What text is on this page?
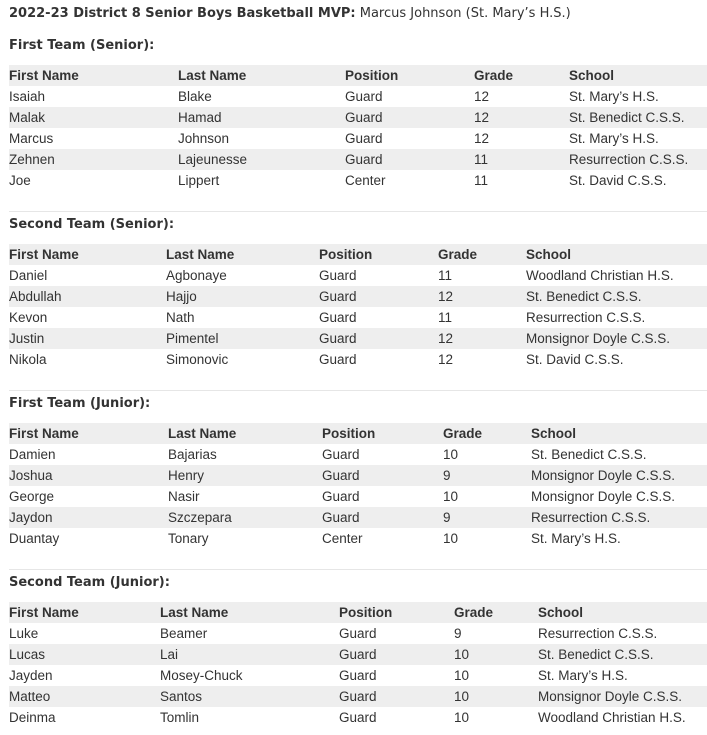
2022-23 District 8 Senior Boys Basketball MVP: Marcus Johnson (St. Mary’s H.S.)
First Team (Senior):
First Name	Last Name	Position	Grade	School
Isaiah	Blake	Guard	12	St. Mary’s H.S.
Malak	Hamad	Guard	12	St. Benedict C.S.S.
Marcus	Johnson	Guard	12	St. Mary’s H.S.
Zehnen	Lajeunesse	Guard	11	Resurrection C.S.S.
Joe	Lippert	Center	11	St. David C.S.S.
Second Team (Senior):
First Name	Last Name	Position	Grade	School
Daniel	Agbonaye	Guard	11	Woodland Christian H.S.
Abdullah	Hajjo	Guard	12	St. Benedict C.S.S.
Kevon	Nath	Guard	11	Resurrection C.S.S.
Justin	Pimentel	Guard	12	Monsignor Doyle C.S.S.
Nikola	Simonovic	Guard	12	St. David C.S.S.
First Team (Junior):
First Name	Last Name	Position	Grade	School
Damien	Bajarias	Guard	10	St. Benedict C.S.S.
Joshua	Henry	Guard	9	Monsignor Doyle C.S.S.
George	Nasir	Guard	10	Monsignor Doyle C.S.S.
Jaydon	Szczepara	Guard	9	Resurrection C.S.S.
Duantay	Tonary	Center	10	St. Mary’s H.S.
Second Team (Junior):
First Name	Last Name	Position	Grade	School
Luke	Beamer	Guard	9	Resurrection C.S.S.
Lucas	Lai	Guard	10	St. Benedict C.S.S.
Jayden	Mosey-Chuck	Guard	10	St. Mary’s H.S.
Matteo	Santos	Guard	10	Monsignor Doyle C.S.S.
Deinma	Tomlin	Guard	10	Woodland Christian H.S.
